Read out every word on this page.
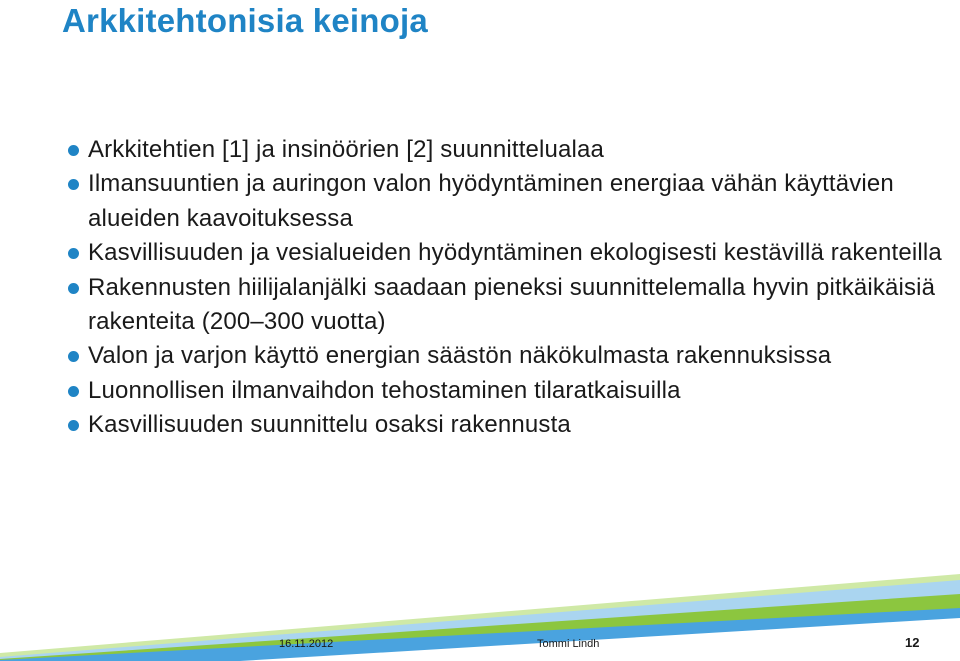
Arkkitehtonisia keinoja
Arkkitehtien [1] ja insinöörien [2] suunnittelualaa
Ilmansuuntien ja auringon valon hyödyntäminen energiaa vähän käyttävien alueiden kaavoituksessa
Kasvillisuuden ja vesialueiden hyödyntäminen ekologisesti kestävillä rakenteilla
Rakennusten hiilijalanjälki saadaan pieneksi suunnittelemalla hyvin pitkäikäisiä rakenteita (200–300 vuotta)
Valon ja varjon käyttö energian säästön näkökulmasta rakennuksissa
Luonnollisen ilmanvaihdon tehostaminen tilaratkaisuilla
Kasvillisuuden suunnittelu osaksi rakennusta
16.11.2012	Tommi Lindh	12
